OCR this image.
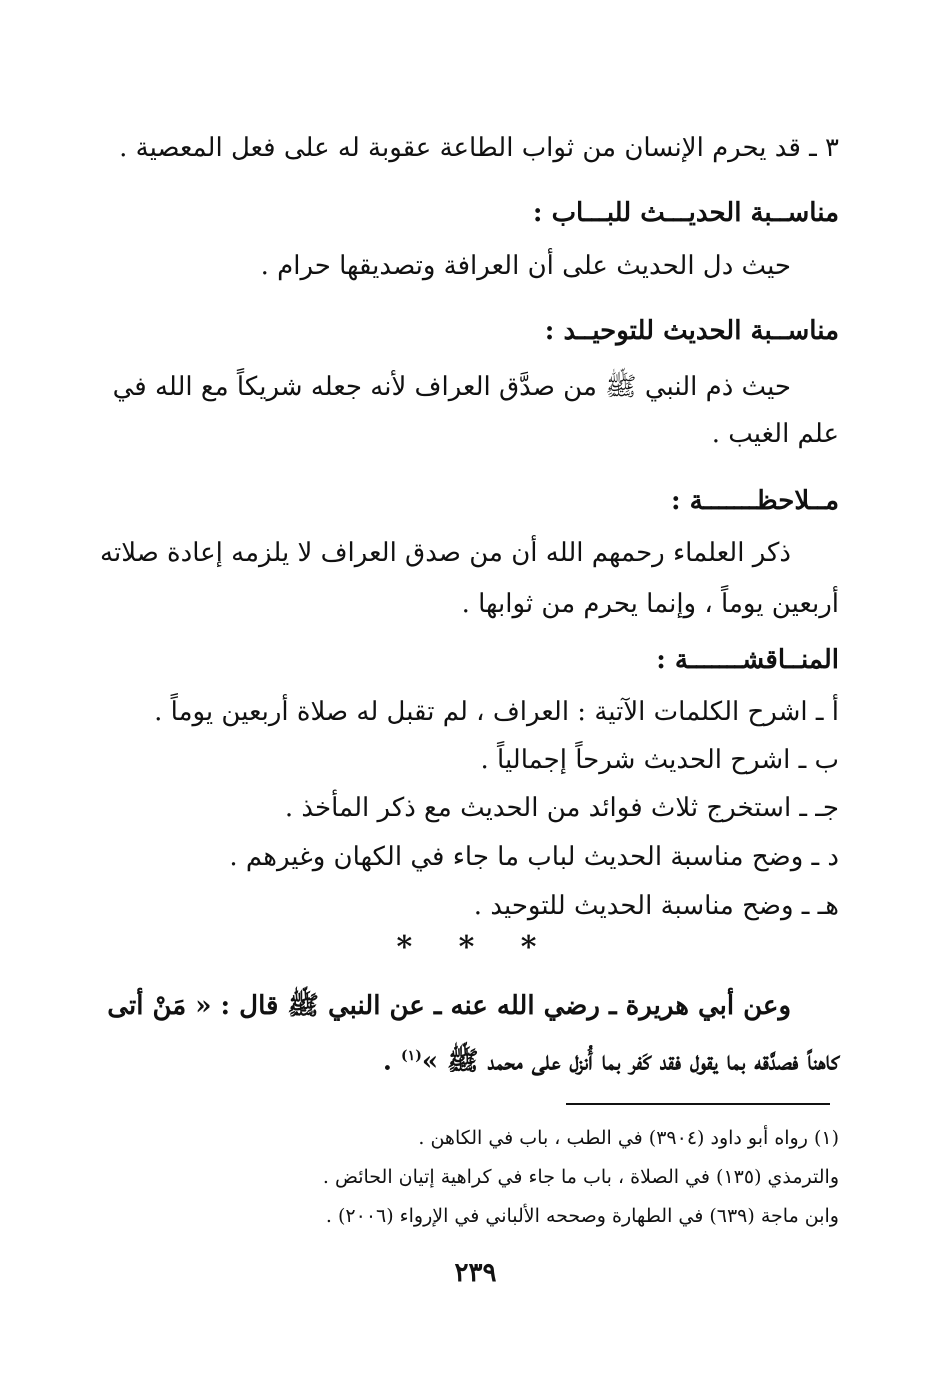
٣ ـ قد يحرم الإنسان من ثواب الطاعة عقوبة له على فعل المعصية .
مناســبة الحديـــث للبـــاب :
حيث دل الحديث على أن العرافة وتصديقها حرام .
مناســبة الحديث للتوحيــد :
حيث ذم النبي ﷺ من صدَّق العراف لأنه جعله شريكاً مع الله في
علم الغيب .
مــلاحظـــــــة :
ذكر العلماء رحمهم الله أن من صدق العراف لا يلزمه إعادة صلاته
أربعين يوماً ، وإنما يحرم من ثوابها .
المنــاقشـــــــة :
أ ـ اشرح الكلمات الآتية : العراف ، لم تقبل له صلاة أربعين يوماً .
ب ـ اشرح الحديث شرحاً إجمالياً .
جـ ـ استخرج ثلاث فوائد من الحديث مع ذكر المأخذ .
د ـ وضح مناسبة الحديث لباب ما جاء في الكهان وغيرهم .
هـ ـ وضح مناسبة الحديث للتوحيد .
* * *
وعن أبي هريرة ـ رضي الله عنه ـ عن النبي ﷺ قال : « مَنْ أتى
كاهناً فصدَّقه بما يقول فقد كَفر بما أُنزل على محمد ﷺ »$^{(١)}$ .
(١) رواه أبو داود (٣٩٠٤) في الطب ، باب في الكاهن .
والترمذي (١٣٥) في الصلاة ، باب ما جاء في كراهية إتيان الحائض .
وابن ماجة (٦٣٩) في الطهارة وصححه الألباني في الإرواء (٢٠٠٦) .
٢٣٩
